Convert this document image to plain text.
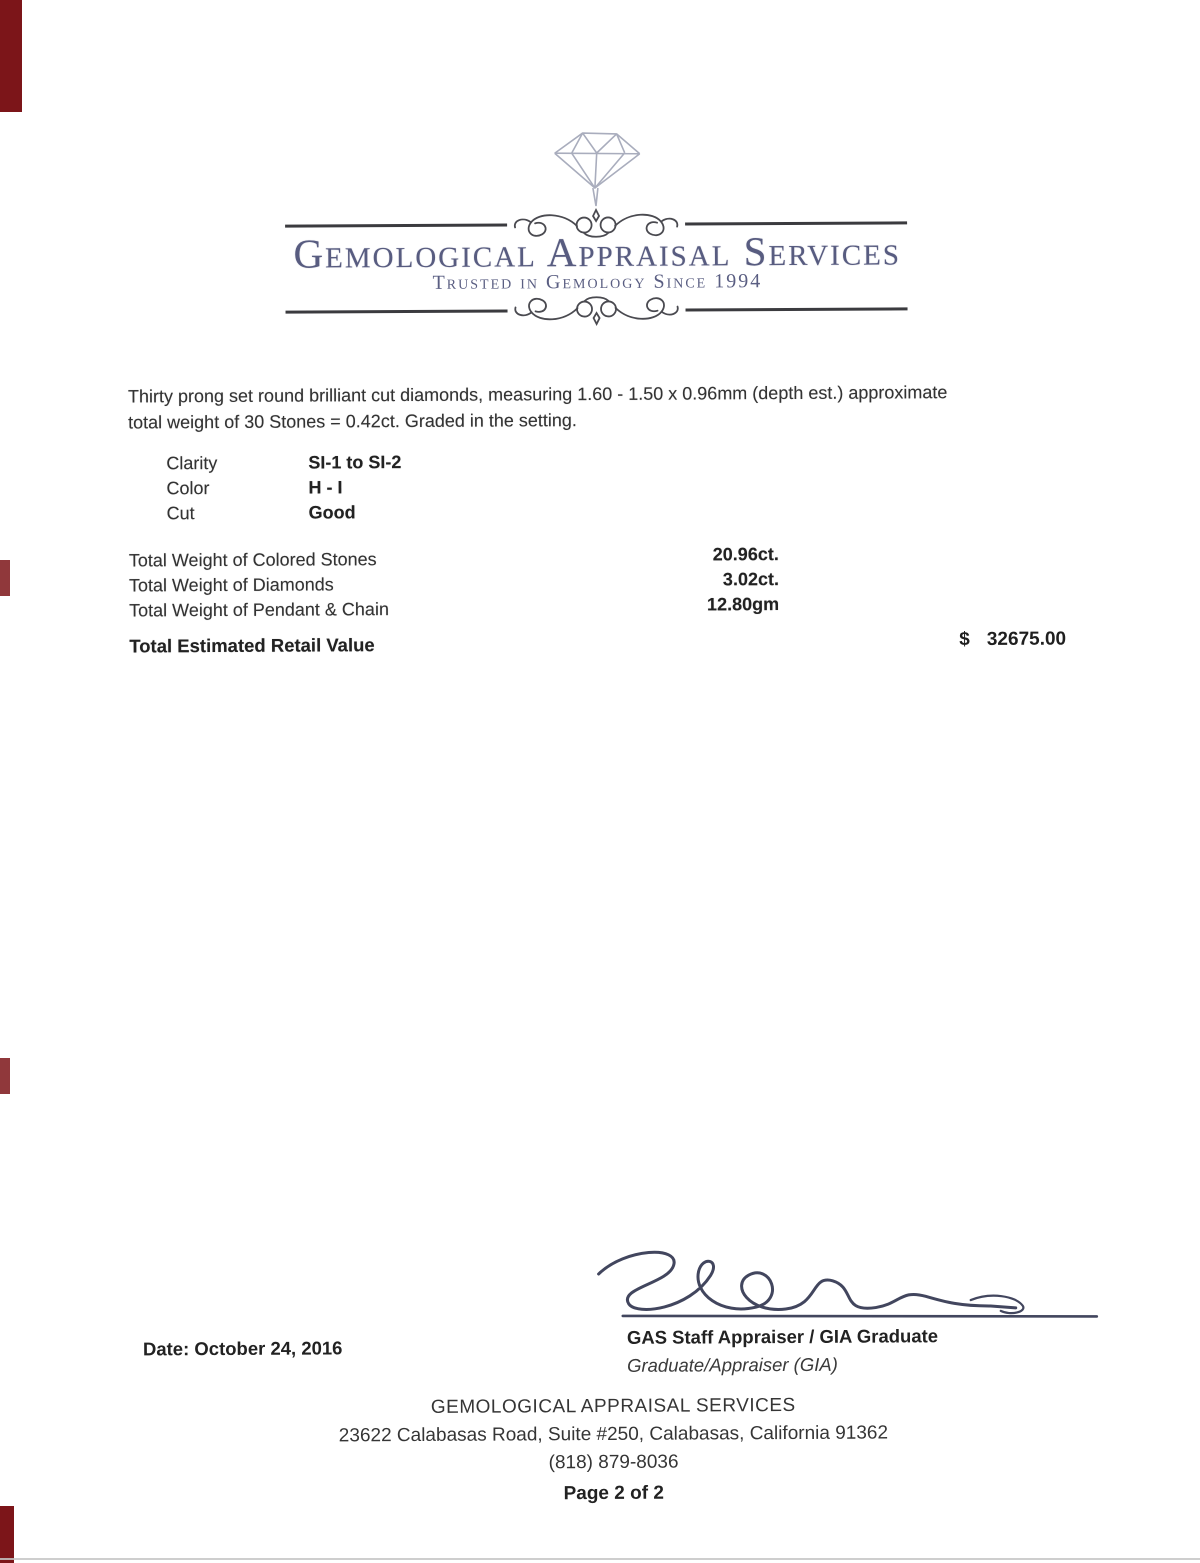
Gemological Appraisal Services
Trusted in Gemology Since 1994
Thirty prong set round brilliant cut diamonds, measuring 1.60 - 1.50 x 0.96mm (depth est.) approximate
total weight of 30 Stones = 0.42ct. Graded in the setting.
Clarity	SI-1 to SI-2
Color	H - I
Cut	Good
Total Weight of Colored Stones	20.96ct.
Total Weight of Diamonds	3.02ct.
Total Weight of Pendant & Chain	12.80gm
Total Estimated Retail Value	$ 32675.00
Date: October 24, 2016
GAS Staff Appraiser / GIA Graduate
Graduate/Appraiser (GIA)
GEMOLOGICAL APPRAISAL SERVICES
23622 Calabasas Road, Suite #250, Calabasas, California 91362
(818) 879-8036
Page 2 of 2
